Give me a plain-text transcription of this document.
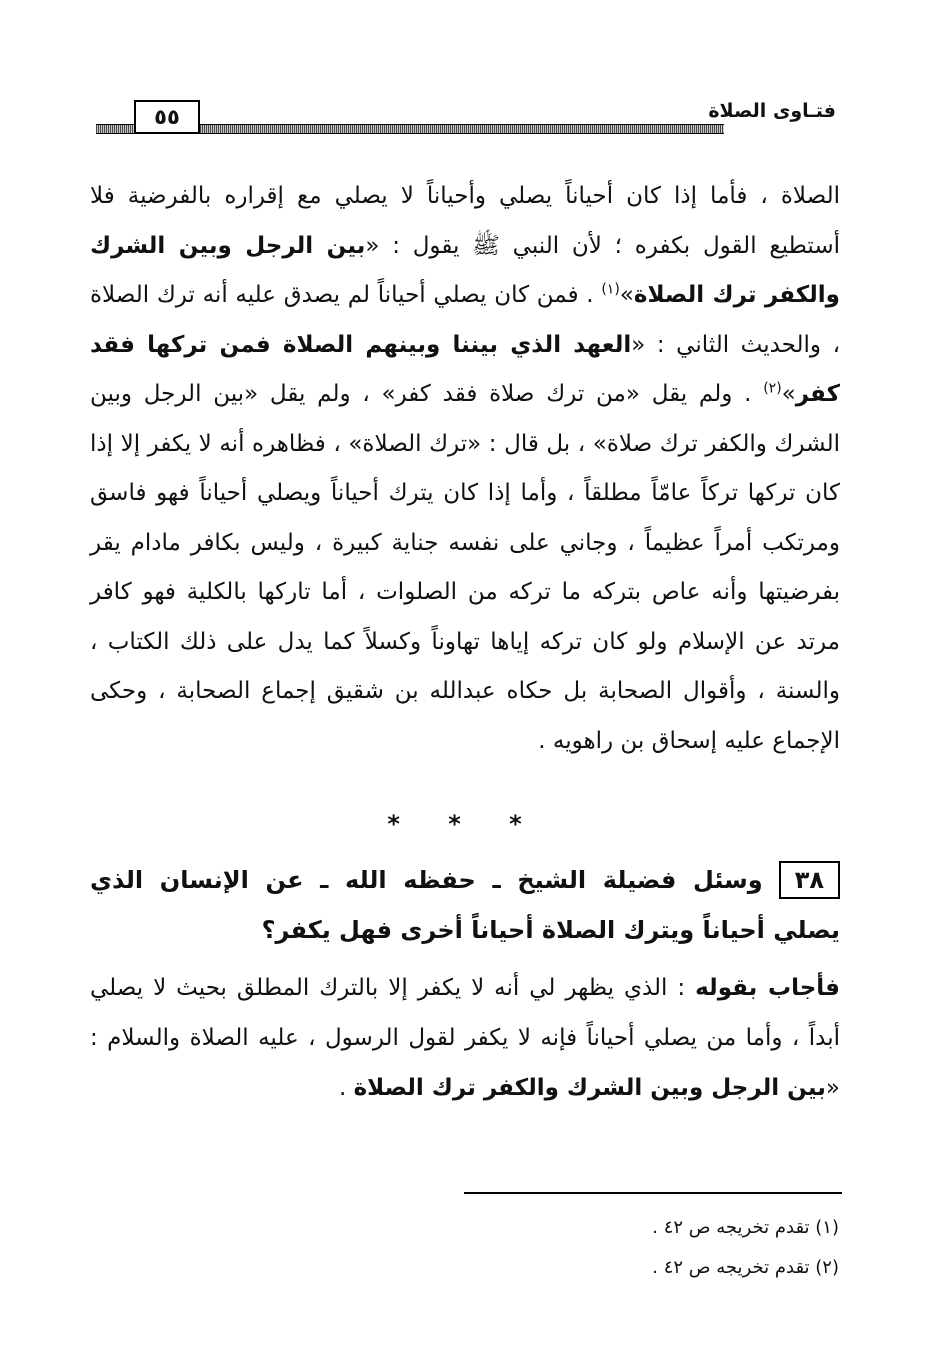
٥٥	فتـاوى الصلاة

الصلاة ، فأما إذا كان أحياناً يصلي وأحياناً لا يصلي مع إقراره بالفرضية فلا أستطيع القول بكفره ؛ لأن النبي ﷺ يقول : «بين الرجل وبين الشرك والكفر ترك الصلاة»$^{(١)}$ . فمن كان يصلي أحياناً لم يصدق عليه أنه ترك الصلاة ، والحديث الثاني : «العهد الذي بيننا وبينهم الصلاة فمن تركها فقد كفر»$^{(٢)}$ . ولم يقل «من ترك صلاة فقد كفر» ، ولم يقل «بين الرجل وبين الشرك والكفر ترك صلاة» ، بل قال : «ترك الصلاة» ، فظاهره أنه لا يكفر إلا إذا كان تركها تركاً عامّاً مطلقاً ، وأما إذا كان يترك أحياناً ويصلي أحياناً فهو فاسق ومرتكب أمراً عظيماً ، وجاني على نفسه جناية كبيرة ، وليس بكافر مادام يقر بفرضيتها وأنه عاص بتركه ما تركه من الصلوات ، أما تاركها بالكلية فهو كافر مرتد عن الإسلام ولو كان تركه إياها تهاوناً وكسلاً كما يدل على ذلك الكتاب ، والسنة ، وأقوال الصحابة بل حكاه عبدالله بن شقيق إجماع الصحابة ، وحكى الإجماع عليه إسحاق بن راهويه .

* * *
٣٨وسئل فضيلة الشيخ ـ حفظه الله ـ عن الإنسان الذي يصلي أحياناً ويترك الصلاة أحياناً أخرى فهل يكفر؟
فأجاب بقوله : الذي يظهر لي أنه لا يكفر إلا بالترك المطلق بحيث لا يصلي أبداً ، وأما من يصلي أحياناً فإنه لا يكفر لقول الرسول ، عليه الصلاة والسلام : «بين الرجل وبين الشرك والكفر ترك الصلاة .

(١) تقدم تخريجه ص ٤٢ .

(٢) تقدم تخريجه ص ٤٢ .
